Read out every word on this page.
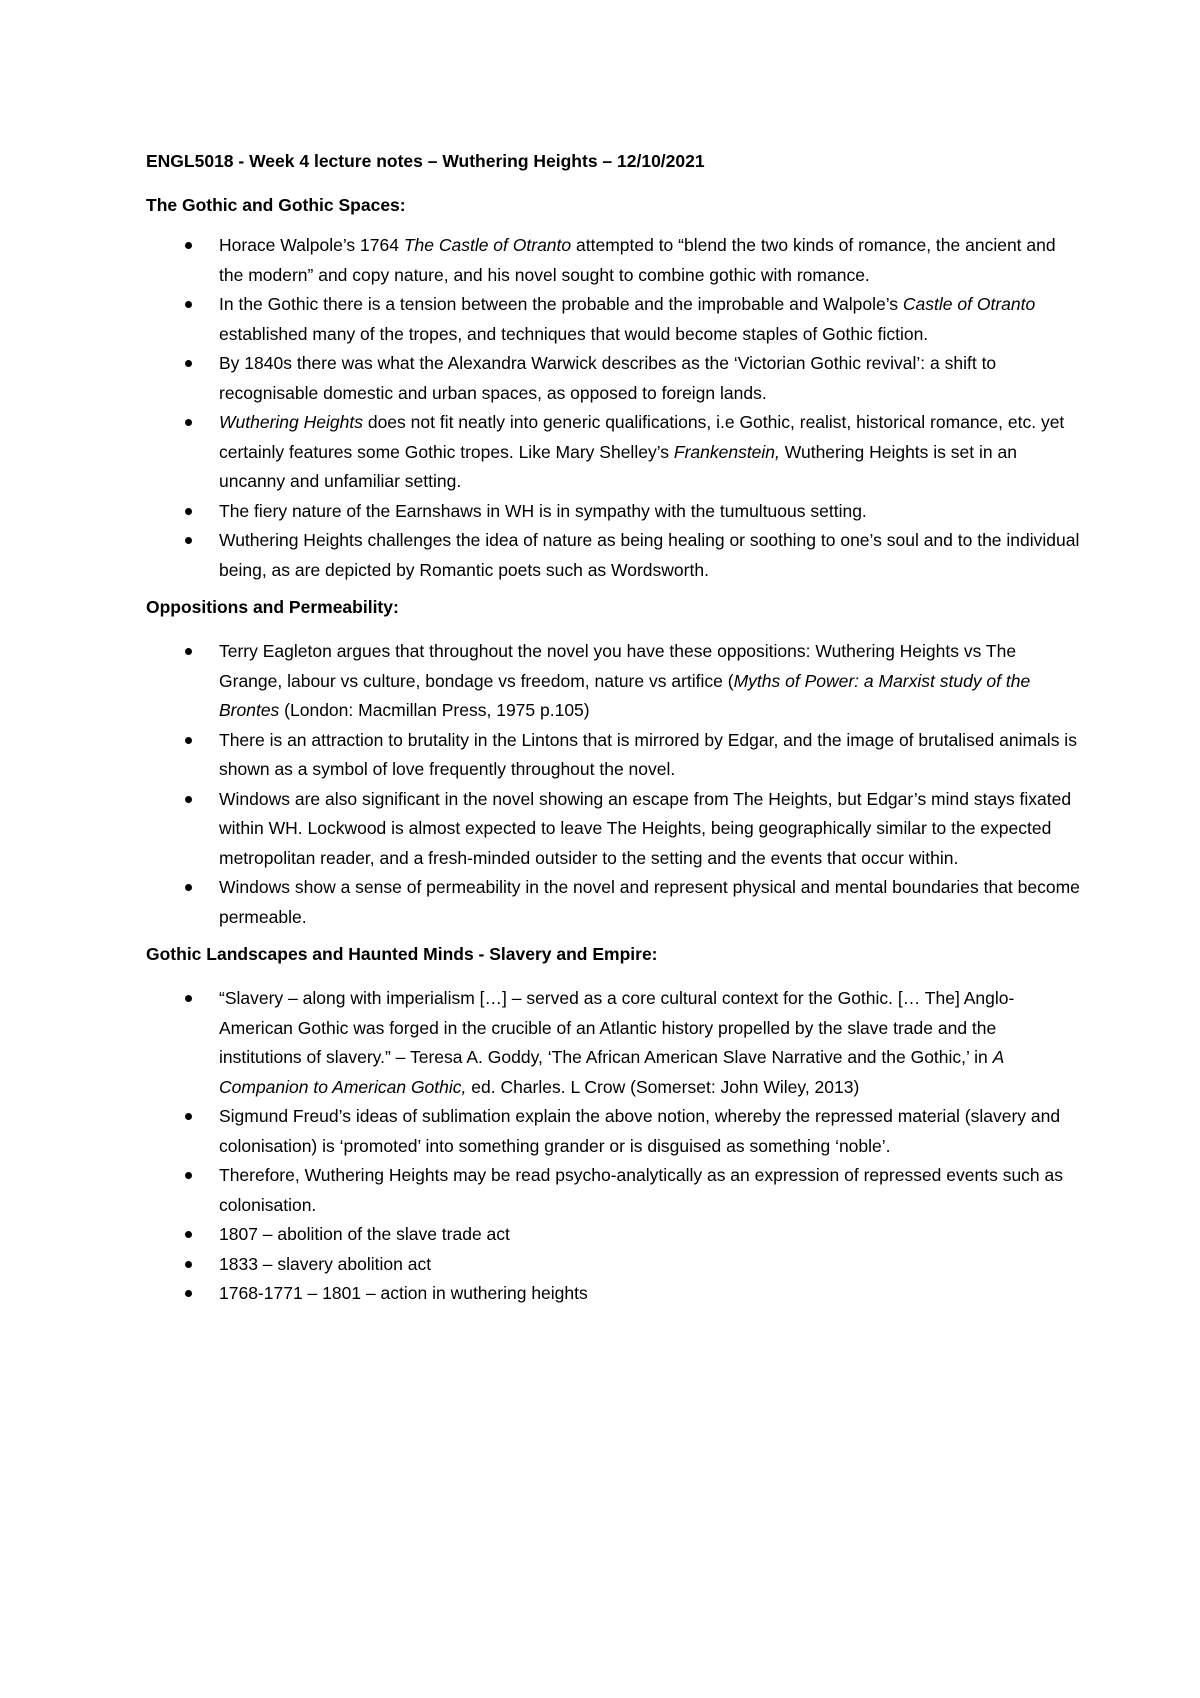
ENGL5018 - Week 4 lecture notes – Wuthering Heights – 12/10/2021

The Gothic and Gothic Spaces:

Horace Walpole’s 1764 The Castle of Otranto attempted to “blend the two kinds of romance, the ancient and the modern” and copy nature, and his novel sought to combine gothic with romance.
In the Gothic there is a tension between the probable and the improbable and Walpole’s Castle of Otranto established many of the tropes, and techniques that would become staples of Gothic fiction.
By 1840s there was what the Alexandra Warwick describes as the ‘Victorian Gothic revival’: a shift to recognisable domestic and urban spaces, as opposed to foreign lands.
Wuthering Heights does not fit neatly into generic qualifications, i.e Gothic, realist, historical romance, etc. yet certainly features some Gothic tropes. Like Mary Shelley’s Frankenstein, Wuthering Heights is set in an uncanny and unfamiliar setting.
The fiery nature of the Earnshaws in WH is in sympathy with the tumultuous setting.
Wuthering Heights challenges the idea of nature as being healing or soothing to one’s soul and to the individual being, as are depicted by Romantic poets such as Wordsworth.

Oppositions and Permeability:

Terry Eagleton argues that throughout the novel you have these oppositions: Wuthering Heights vs The Grange, labour vs culture, bondage vs freedom, nature vs artifice (Myths of Power: a Marxist study of the Brontes (London: Macmillan Press, 1975 p.105)
There is an attraction to brutality in the Lintons that is mirrored by Edgar, and the image of brutalised animals is shown as a symbol of love frequently throughout the novel.
Windows are also significant in the novel showing an escape from The Heights, but Edgar’s mind stays fixated within WH. Lockwood is almost expected to leave The Heights, being geographically similar to the expected metropolitan reader, and a fresh-minded outsider to the setting and the events that occur within.
Windows show a sense of permeability in the novel and represent physical and mental boundaries that become permeable.

Gothic Landscapes and Haunted Minds - Slavery and Empire:

“Slavery – along with imperialism […] – served as a core cultural context for the Gothic. [… The] Anglo-American Gothic was forged in the crucible of an Atlantic history propelled by the slave trade and the institutions of slavery.” – Teresa A. Goddy, ‘The African American Slave Narrative and the Gothic,’ in A Companion to American Gothic, ed. Charles. L Crow (Somerset: John Wiley, 2013)
Sigmund Freud’s ideas of sublimation explain the above notion, whereby the repressed material (slavery and colonisation) is ‘promoted’ into something grander or is disguised as something ‘noble’.
Therefore, Wuthering Heights may be read psycho-analytically as an expression of repressed events such as colonisation.
1807 – abolition of the slave trade act
1833 – slavery abolition act
1768-1771 – 1801 – action in wuthering heights
